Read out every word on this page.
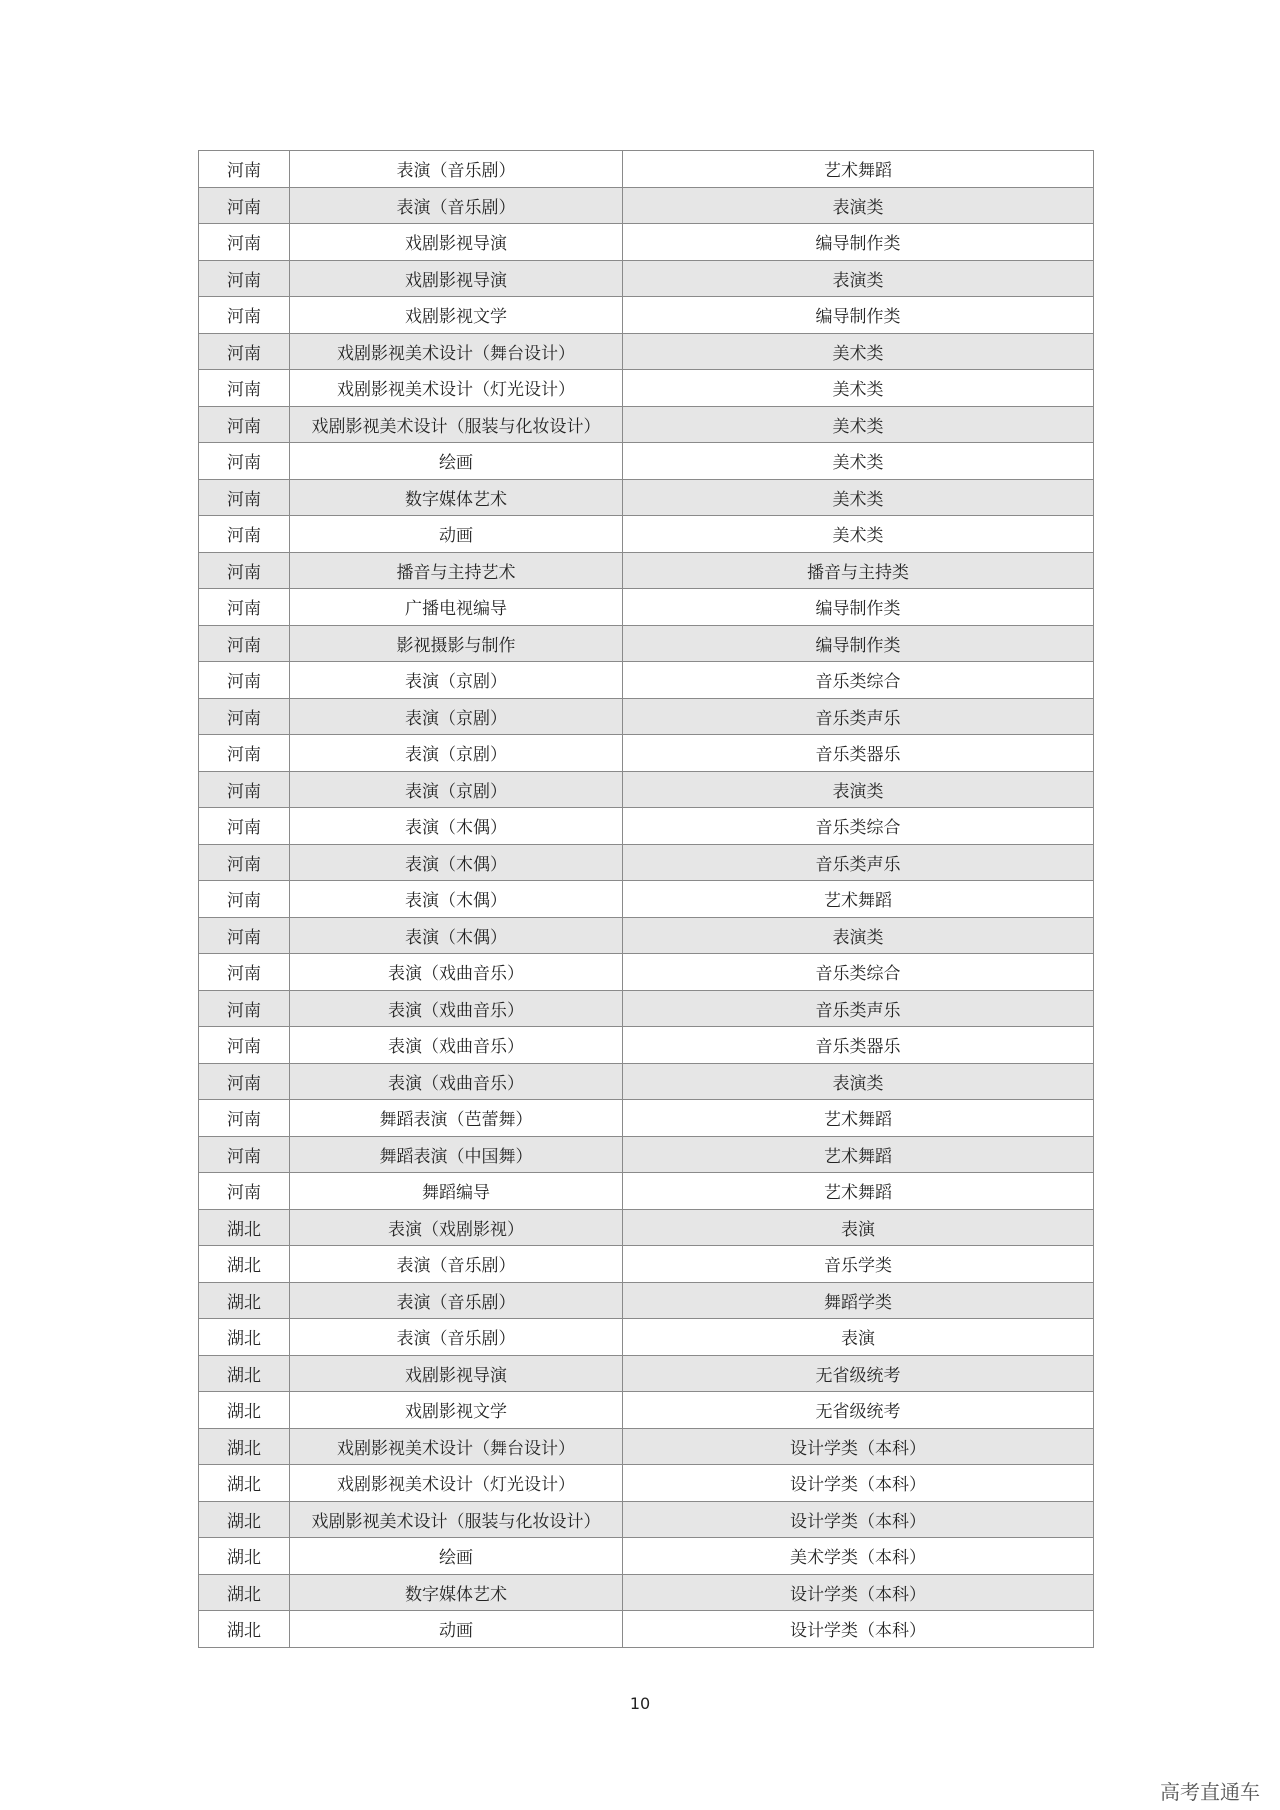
河南	表演（音乐剧）	艺术舞蹈
河南	表演（音乐剧）	表演类
河南	戏剧影视导演	编导制作类
河南	戏剧影视导演	表演类
河南	戏剧影视文学	编导制作类
河南	戏剧影视美术设计（舞台设计）	美术类
河南	戏剧影视美术设计（灯光设计）	美术类
河南	戏剧影视美术设计（服装与化妆设计）	美术类
河南	绘画	美术类
河南	数字媒体艺术	美术类
河南	动画	美术类
河南	播音与主持艺术	播音与主持类
河南	广播电视编导	编导制作类
河南	影视摄影与制作	编导制作类
河南	表演（京剧）	音乐类综合
河南	表演（京剧）	音乐类声乐
河南	表演（京剧）	音乐类器乐
河南	表演（京剧）	表演类
河南	表演（木偶）	音乐类综合
河南	表演（木偶）	音乐类声乐
河南	表演（木偶）	艺术舞蹈
河南	表演（木偶）	表演类
河南	表演（戏曲音乐）	音乐类综合
河南	表演（戏曲音乐）	音乐类声乐
河南	表演（戏曲音乐）	音乐类器乐
河南	表演（戏曲音乐）	表演类
河南	舞蹈表演（芭蕾舞）	艺术舞蹈
河南	舞蹈表演（中国舞）	艺术舞蹈
河南	舞蹈编导	艺术舞蹈
湖北	表演（戏剧影视）	表演
湖北	表演（音乐剧）	音乐学类
湖北	表演（音乐剧）	舞蹈学类
湖北	表演（音乐剧）	表演
湖北	戏剧影视导演	无省级统考
湖北	戏剧影视文学	无省级统考
湖北	戏剧影视美术设计（舞台设计）	设计学类（本科）
湖北	戏剧影视美术设计（灯光设计）	设计学类（本科）
湖北	戏剧影视美术设计（服装与化妆设计）	设计学类（本科）
湖北	绘画	美术学类（本科）
湖北	数字媒体艺术	设计学类（本科）
湖北	动画	设计学类（本科）
10
高考直通车
